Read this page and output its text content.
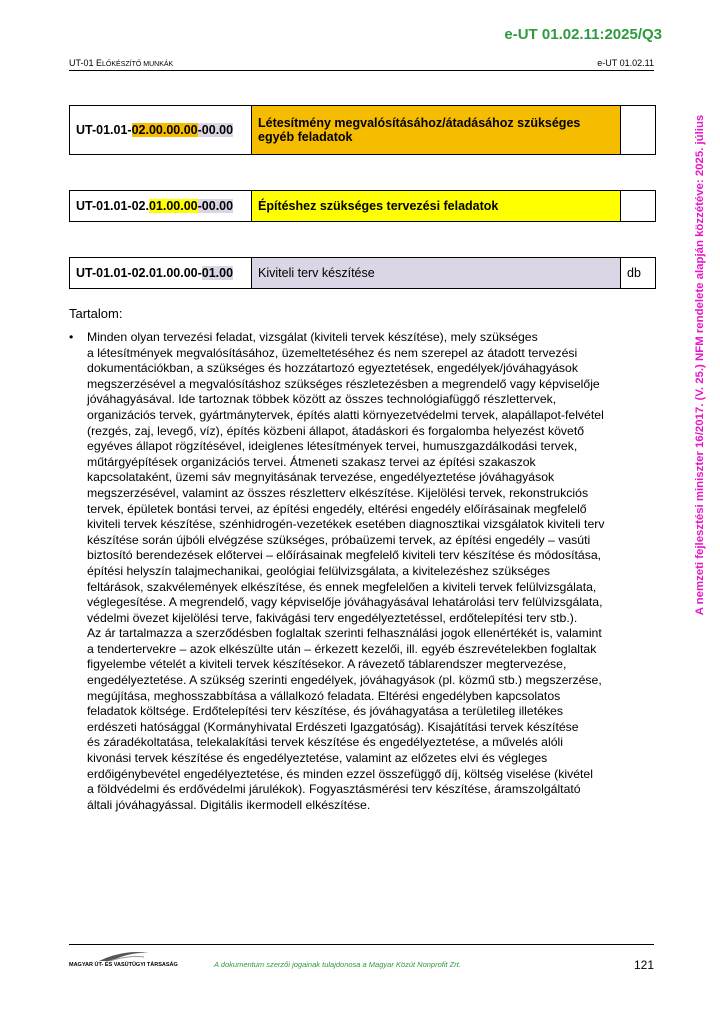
e-UT 01.02.11:2025/Q3
UT-01 ELŐKÉSZÍTŐ MUNKÁK	e-UT 01.02.11
A nemzeti fejlesztési miniszter 16/2017. (V. 25.) NFM rendelete alapján közzétéve: 2025. július
UT-01.01-02.00.00.00-00.00	Létesítmény megvalósításához/átadásához szükséges egyéb feladatok	
UT-01.01-02.01.00.00-00.00	Építéshez szükséges tervezési feladatok	
UT-01.01-02.01.00.00-01.00	Kiviteli terv készítése	db
Tartalom:
•	Minden olyan tervezési feladat, vizsgálat (kiviteli tervek készítése), mely szükséges
a létesítmények megvalósításához, üzemeltetéséhez és nem szerepel az átadott tervezési
dokumentációkban, a szükséges és hozzátartozó egyeztetések, engedélyek/jóváhagyások
megszerzésével a megvalósításhoz szükséges részletezésben a megrendelő vagy képviselője
jóváhagyásával. Ide tartoznak többek között az összes technológiafüggő részlettervek,
organizációs tervek, gyártmánytervek, építés alatti környezetvédelmi tervek, alapállapot-felvétel
(rezgés, zaj, levegő, víz), építés közbeni állapot, átadáskori és forgalomba helyezést követő
egyéves állapot rögzítésével, ideiglenes létesítmények tervei, humuszgazdálkodási tervek,
műtárgyépítések organizációs tervei. Átmeneti szakasz tervei az építési szakaszok
kapcsolataként, üzemi sáv megnyitásának tervezése, engedélyeztetése jóváhagyások
megszerzésével, valamint az összes részletterv elkészítése. Kijelölési tervek, rekonstrukciós
tervek, épületek bontási tervei, az építési engedély, eltérési engedély előírásainak megfelelő
kiviteli tervek készítése, szénhidrogén-vezetékek esetében diagnosztikai vizsgálatok kiviteli terv
készítése során újbóli elvégzése szükséges, próbaüzemi tervek, az építési engedély – vasúti
biztosító berendezések előtervei – előírásainak megfelelő kiviteli terv készítése és módosítása,
építési helyszín talajmechanikai, geológiai felülvizsgálata, a kivitelezéshez szükséges
feltárások, szakvélemények elkészítése, és ennek megfelelően a kiviteli tervek felülvizsgálata,
véglegesítése. A megrendelő, vagy képviselője jóváhagyásával lehatárolási terv felülvizsgálata,
védelmi övezet kijelölési terve, fakivágási terv engedélyeztetéssel, erdőtelepítési terv stb.).
Az ár tartalmazza a szerződésben foglaltak szerinti felhasználási jogok ellenértékét is, valamint
a tendertervekre – azok elkészülte után – érkezett kezelői, ill. egyéb észrevételekben foglaltak
figyelembe vételét a kiviteli tervek készítésekor. A rávezető táblarendszer megtervezése,
engedélyeztetése. A szükség szerinti engedélyek, jóváhagyások (pl. közmű stb.) megszerzése,
megújítása, meghosszabbítása a vállalkozó feladata. Eltérési engedélyben kapcsolatos
feladatok költsége. Erdőtelepítési terv készítése, és jóváhagyatása a területileg illetékes
erdészeti hatósággal (Kormányhivatal Erdészeti Igazgatóság). Kisajátítási tervek készítése
és záradékoltatása, telekalakítási tervek készítése és engedélyeztetése, a művelés alóli
kivonási tervek készítése és engedélyeztetése, valamint az előzetes elvi és végleges
erdőigénybevétel engedélyeztetése, és minden ezzel összefüggő díj, költség viselése (kivétel
a földvédelmi és erdővédelmi járulékok). Fogyasztásmérési terv készítése, áramszolgáltató
általi jóváhagyással. Digitális ikermodell elkészítése.
MAGYAR ÚT- ÉS VASÚTÜGYI TÁRSASÁG	A dokumentum szerzői jogainak tulajdonosa a Magyar Közút Nonprofit Zrt.	121
